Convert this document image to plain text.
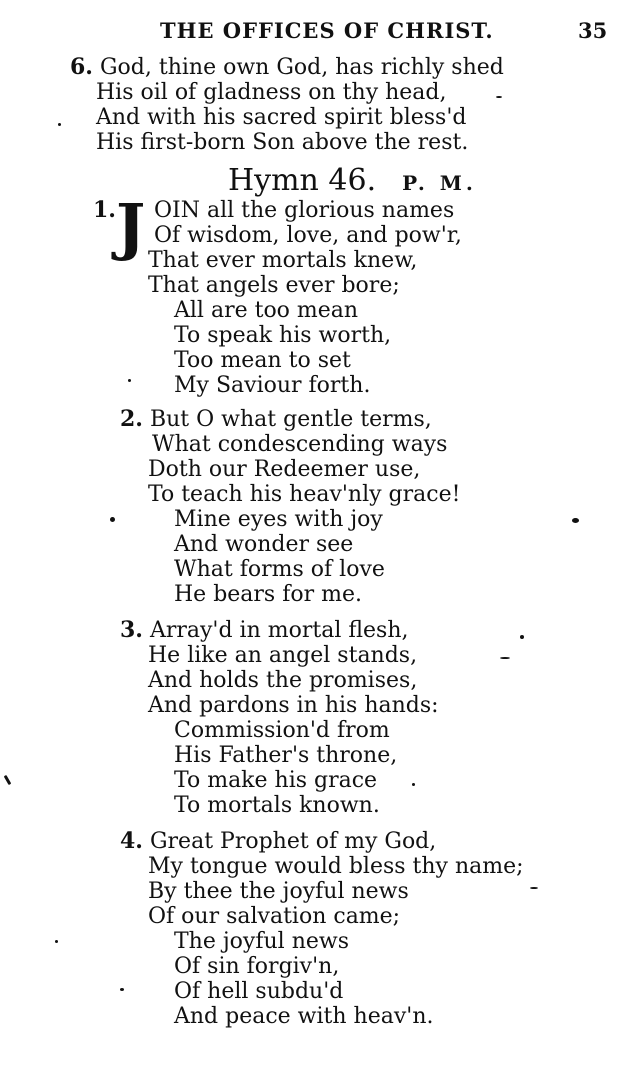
THE OFFICES OF CHRIST.	35
6. God, thine own God, has richly shed
His oil of gladness on thy head,
And with his sacred spirit bless'd
His first-born Son above the rest.
Hymn 46. P. M.
1. J OIN all the glorious names
Of wisdom, love, and pow'r,
That ever mortals knew,
That angels ever bore;
All are too mean
To speak his worth,
Too mean to set
My Saviour forth.
2. But O what gentle terms,
What condescending ways
Doth our Redeemer use,
To teach his heav'nly grace!
Mine eyes with joy
And wonder see
What forms of love
He bears for me.
3. Array'd in mortal flesh,
He like an angel stands,
And holds the promises,
And pardons in his hands:
Commission'd from
His Father's throne,
To make his grace
To mortals known.
4. Great Prophet of my God,
My tongue would bless thy name;
By thee the joyful news
Of our salvation came;
The joyful news
Of sin forgiv'n,
Of hell subdu'd
And peace with heav'n.
